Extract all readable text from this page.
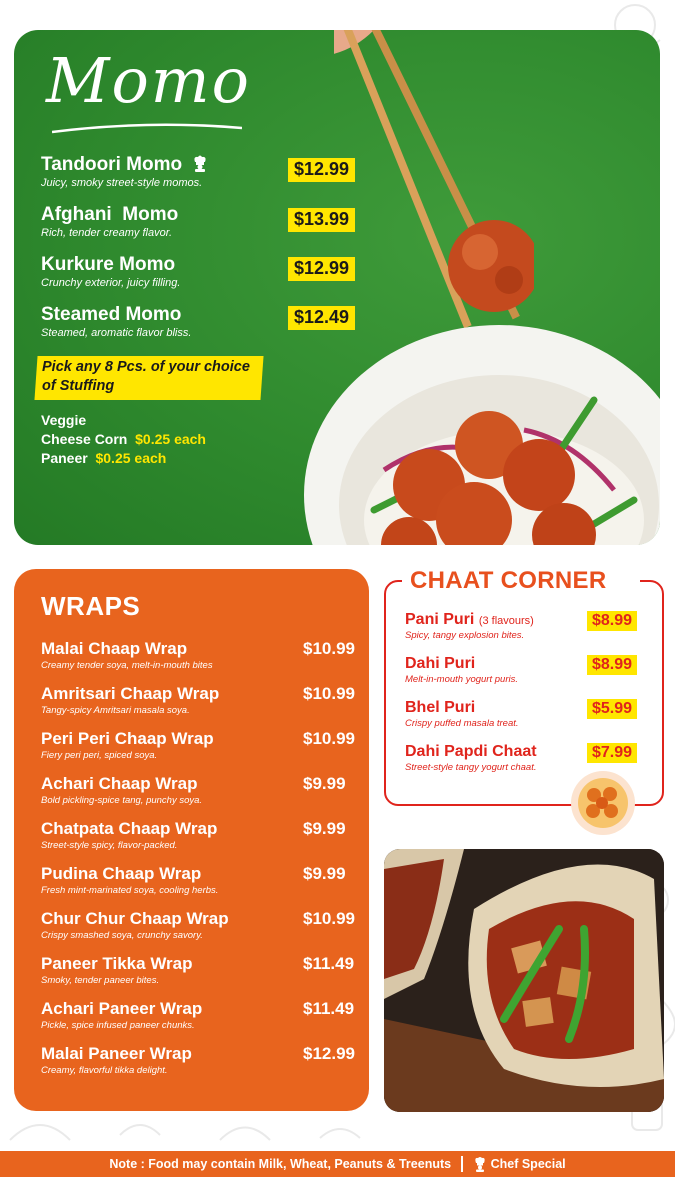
Momo
Tandoori Momo
Juicy, smoky street-style momos.
$12.99
Afghani  Momo
Rich, tender creamy flavor.
$13.99
Kurkure Momo
Crunchy exterior, juicy filling.
$12.99
Steamed Momo
Steamed, aromatic flavor bliss.
$12.49
Pick any 8 Pcs. of your choice of Stuffing
Veggie
Cheese Corn $0.25 each
Paneer $0.25 each
WRAPS
Malai Chaap Wrap
Creamy tender soya, melt-in-mouth bites
$10.99
Amritsari Chaap Wrap
Tangy-spicy Amritsari masala soya.
$10.99
Peri Peri Chaap Wrap
Fiery peri peri, spiced soya.
$10.99
Achari Chaap Wrap
Bold pickling-spice tang, punchy soya.
$9.99
Chatpata Chaap Wrap
Street-style spicy, flavor-packed.
$9.99
Pudina Chaap Wrap
Fresh mint-marinated soya, cooling herbs.
$9.99
Chur Chur Chaap Wrap
Crispy smashed soya, crunchy savory.
$10.99
Paneer Tikka Wrap
Smoky, tender paneer bites.
$11.49
Achari Paneer Wrap
Pickle, spice infused paneer chunks.
$11.49
Malai Paneer Wrap
Creamy, flavorful tikka delight.
$12.99
CHAAT CORNER
Pani Puri (3 flavours)
Spicy, tangy explosion bites.
$8.99
Dahi Puri
Melt-in-mouth yogurt puris.
$8.99
Bhel Puri
Crispy puffed masala treat.
$5.99
Dahi Papdi Chaat
Street-style tangy yogurt chaat.
$7.99
Note : Food may contain Milk, Wheat, Peanuts & Treenuts	Chef Special
